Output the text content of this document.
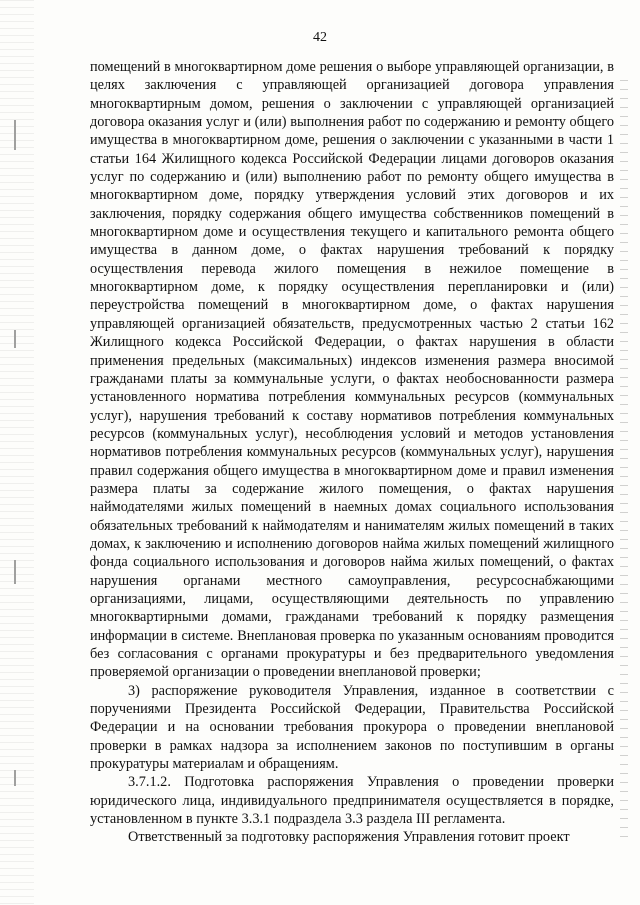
42

помещений в многоквартирном доме решения о выборе управляющей организации, в целях заключения с управляющей организацией договора управления многоквартирным домом, решения о заключении с управляющей организацией договора оказания услуг и (или) выполнения работ по содержанию и ремонту общего имущества в многоквартирном доме, решения о заключении с указанными в части 1 статьи 164 Жилищного кодекса Российской Федерации лицами договоров оказания услуг по содержанию и (или) выполнению работ по ремонту общего имущества в многоквартирном доме, порядку утверждения условий этих договоров и их заключения, порядку содержания общего имущества собственников помещений в многоквартирном доме и осуществления текущего и капитального ремонта общего имущества в данном доме, о фактах нарушения требований к порядку осуществления перевода жилого помещения в нежилое помещение в многоквартирном доме, к порядку осуществления перепланировки и (или) переустройства помещений в многоквартирном доме, о фактах нарушения управляющей организацией обязательств, предусмотренных частью 2 статьи 162 Жилищного кодекса Российской Федерации, о фактах нарушения в области применения предельных (максимальных) индексов изменения размера вносимой гражданами платы за коммунальные услуги, о фактах необоснованности размера установленного норматива потребления коммунальных ресурсов (коммунальных услуг), нарушения требований к составу нормативов потребления коммунальных ресурсов (коммунальных услуг), несоблюдения условий и методов установления нормативов потребления коммунальных ресурсов (коммунальных услуг), нарушения правил содержания общего имущества в многоквартирном доме и правил изменения размера платы за содержание жилого помещения, о фактах нарушения наймодателями жилых помещений в наемных домах социального использования обязательных требований к наймодателям и нанимателям жилых помещений в таких домах, к заключению и исполнению договоров найма жилых помещений жилищного фонда социального использования и договоров найма жилых помещений, о фактах нарушения органами местного самоуправления, ресурсоснабжающими организациями, лицами, осуществляющими деятельность по управлению многоквартирными домами, гражданами требований к порядку размещения информации в системе. Внеплановая проверка по указанным основаниям проводится без согласования с органами прокуратуры и без предварительного уведомления проверяемой организации о проведении внеплановой проверки;

3) распоряжение руководителя Управления, изданное в соответствии с поручениями Президента Российской Федерации, Правительства Российской Федерации и на основании требования прокурора о проведении внеплановой проверки в рамках надзора за исполнением законов по поступившим в органы прокуратуры материалам и обращениям.

3.7.1.2. Подготовка распоряжения Управления о проведении проверки юридического лица, индивидуального предпринимателя осуществляется в порядке, установленном в пункте 3.3.1 подраздела 3.3 раздела III регламента.

Ответственный за подготовку распоряжения Управления готовит проект
